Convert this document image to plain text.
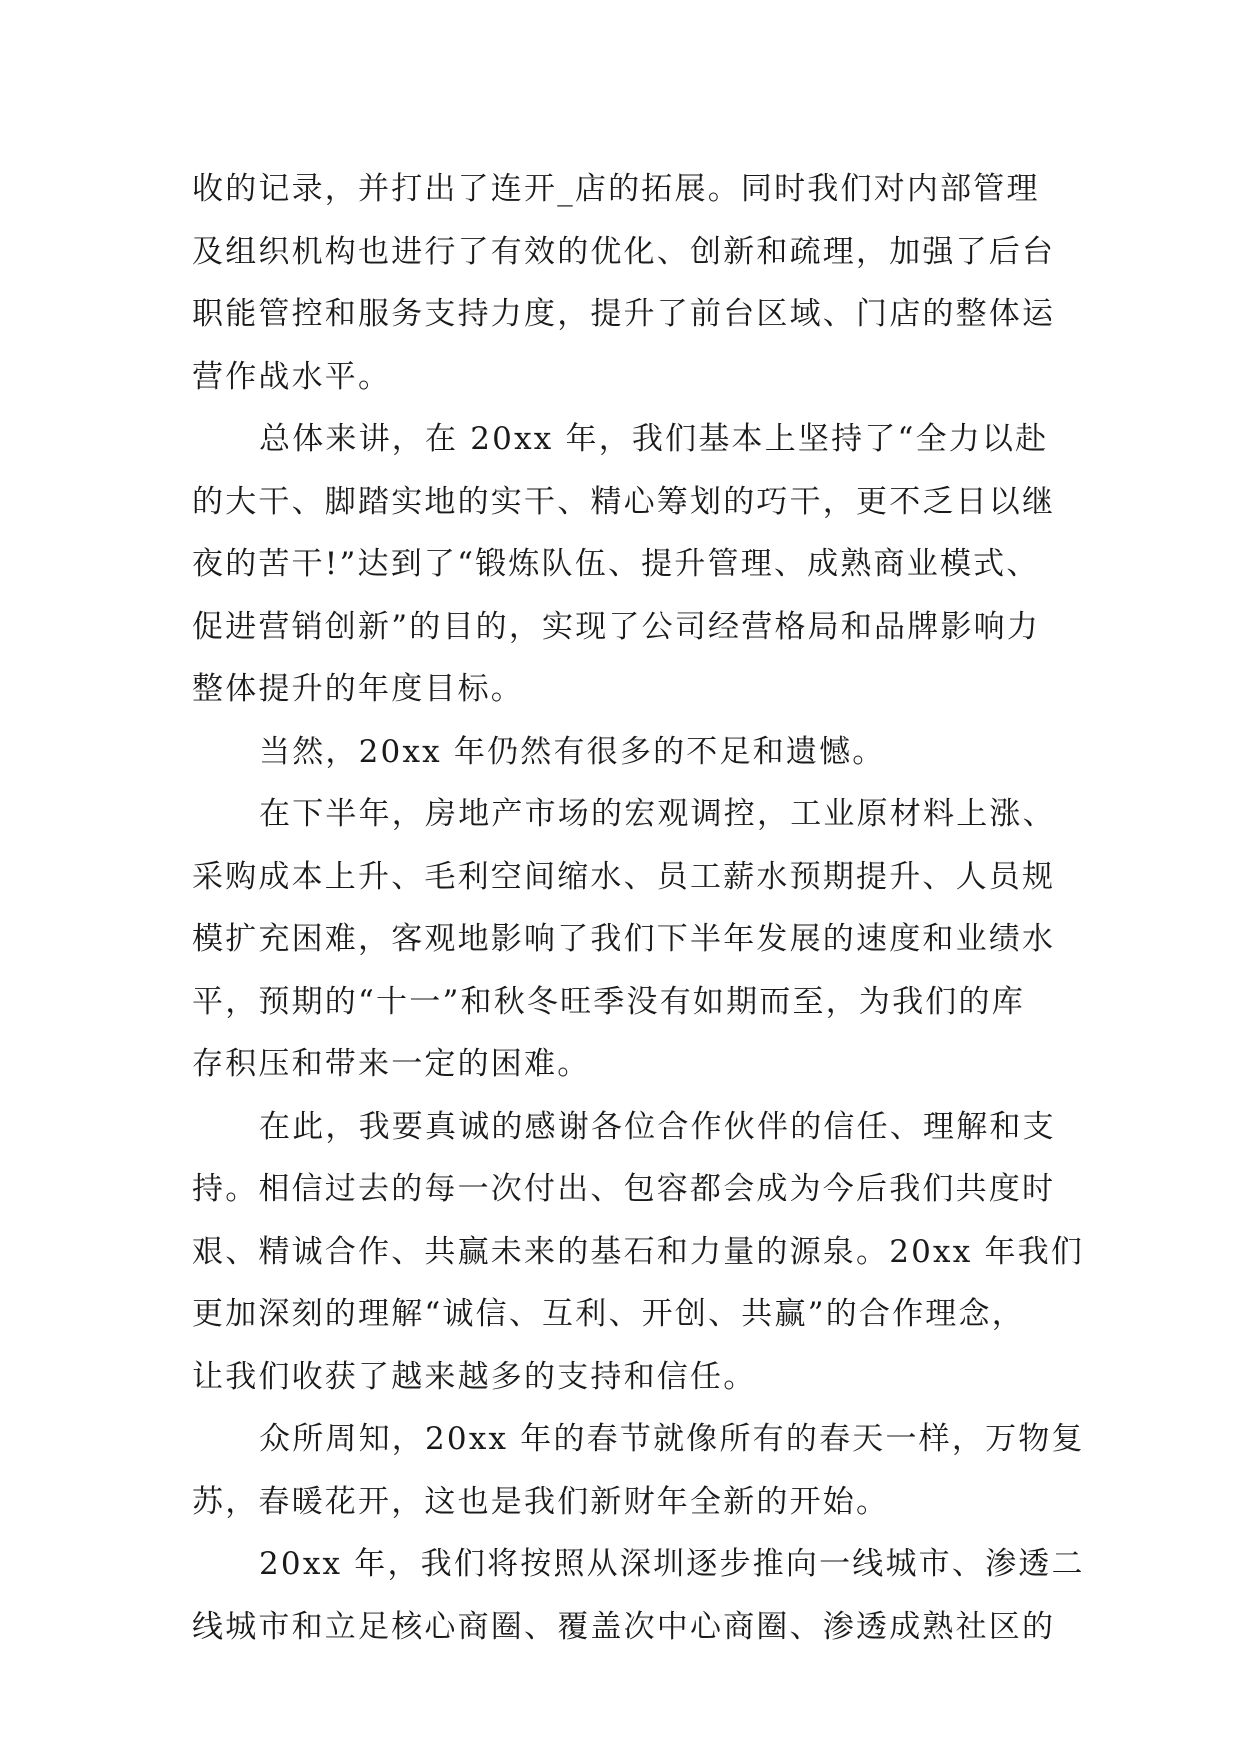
收的记录，并打出了连开_店的拓展。同时我们对内部管理
及组织机构也进行了有效的优化、创新和疏理，加强了后台
职能管控和服务支持力度，提升了前台区域、门店的整体运
营作战水平。
总体来讲，在 20xx 年，我们基本上坚持了“全力以赴
的大干、脚踏实地的实干、精心筹划的巧干，更不乏日以继
夜的苦干!”达到了“锻炼队伍、提升管理、成熟商业模式、
促进营销创新”的目的，实现了公司经营格局和品牌影响力
整体提升的年度目标。
当然，20xx 年仍然有很多的不足和遗憾。
在下半年，房地产市场的宏观调控，工业原材料上涨、
采购成本上升、毛利空间缩水、员工薪水预期提升、人员规
模扩充困难，客观地影响了我们下半年发展的速度和业绩水
平，预期的“十一”和秋冬旺季没有如期而至，为我们的库
存积压和带来一定的困难。
在此，我要真诚的感谢各位合作伙伴的信任、理解和支
持。相信过去的每一次付出、包容都会成为今后我们共度时
艰、精诚合作、共赢未来的基石和力量的源泉。20xx 年我们
更加深刻的理解“诚信、互利、开创、共赢”的合作理念，
让我们收获了越来越多的支持和信任。
众所周知，20xx 年的春节就像所有的春天一样，万物复
苏，春暖花开，这也是我们新财年全新的开始。
20xx 年，我们将按照从深圳逐步推向一线城市、渗透二
线城市和立足核心商圈、覆盖次中心商圈、渗透成熟社区的
